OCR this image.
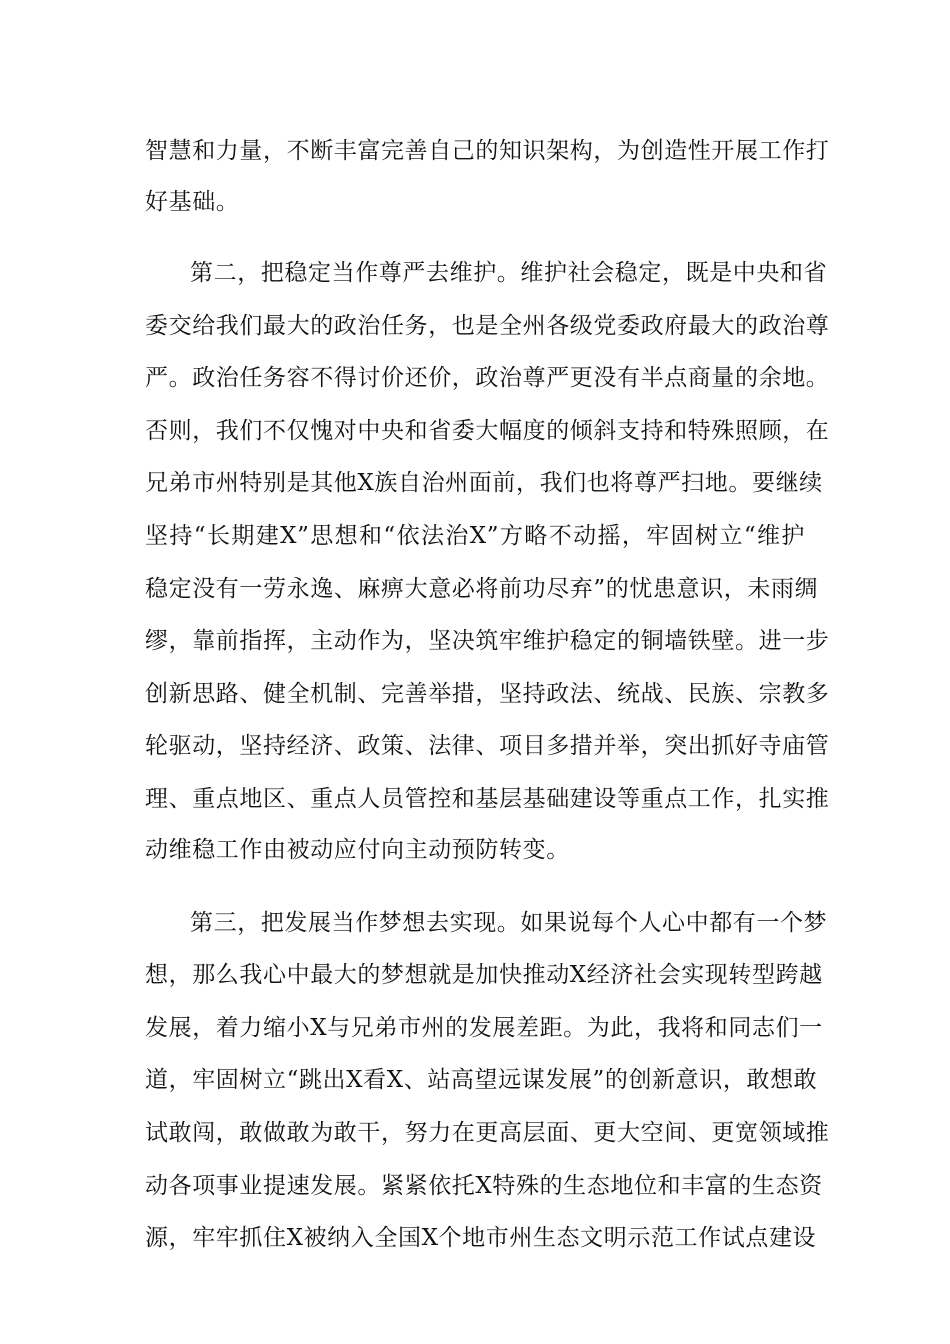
智慧和力量，不断丰富完善自己的知识架构，为创造性开展工作打
好基础。
第二，把稳定当作尊严去维护。维护社会稳定，既是中央和省
委交给我们最大的政治任务，也是全州各级党委政府最大的政治尊
严。政治任务容不得讨价还价，政治尊严更没有半点商量的余地。
否则，我们不仅愧对中央和省委大幅度的倾斜支持和特殊照顾，在
兄弟市州特别是其他X族自治州面前，我们也将尊严扫地。要继续
坚持“长期建X”思想和“依法治X”方略不动摇，牢固树立“维护
稳定没有一劳永逸、麻痹大意必将前功尽弃”的忧患意识，未雨绸
缪，靠前指挥，主动作为，坚决筑牢维护稳定的铜墙铁壁。进一步
创新思路、健全机制、完善举措，坚持政法、统战、民族、宗教多
轮驱动，坚持经济、政策、法律、项目多措并举，突出抓好寺庙管
理、重点地区、重点人员管控和基层基础建设等重点工作，扎实推
动维稳工作由被动应付向主动预防转变。
第三，把发展当作梦想去实现。如果说每个人心中都有一个梦
想，那么我心中最大的梦想就是加快推动X经济社会实现转型跨越
发展，着力缩小X与兄弟市州的发展差距。为此，我将和同志们一
道，牢固树立“跳出X看X、站高望远谋发展”的创新意识，敢想敢
试敢闯，敢做敢为敢干，努力在更高层面、更大空间、更宽领域推
动各项事业提速发展。紧紧依托X特殊的生态地位和丰富的生态资
源，牢牢抓住X被纳入全国X个地市州生态文明示范工作试点建设
